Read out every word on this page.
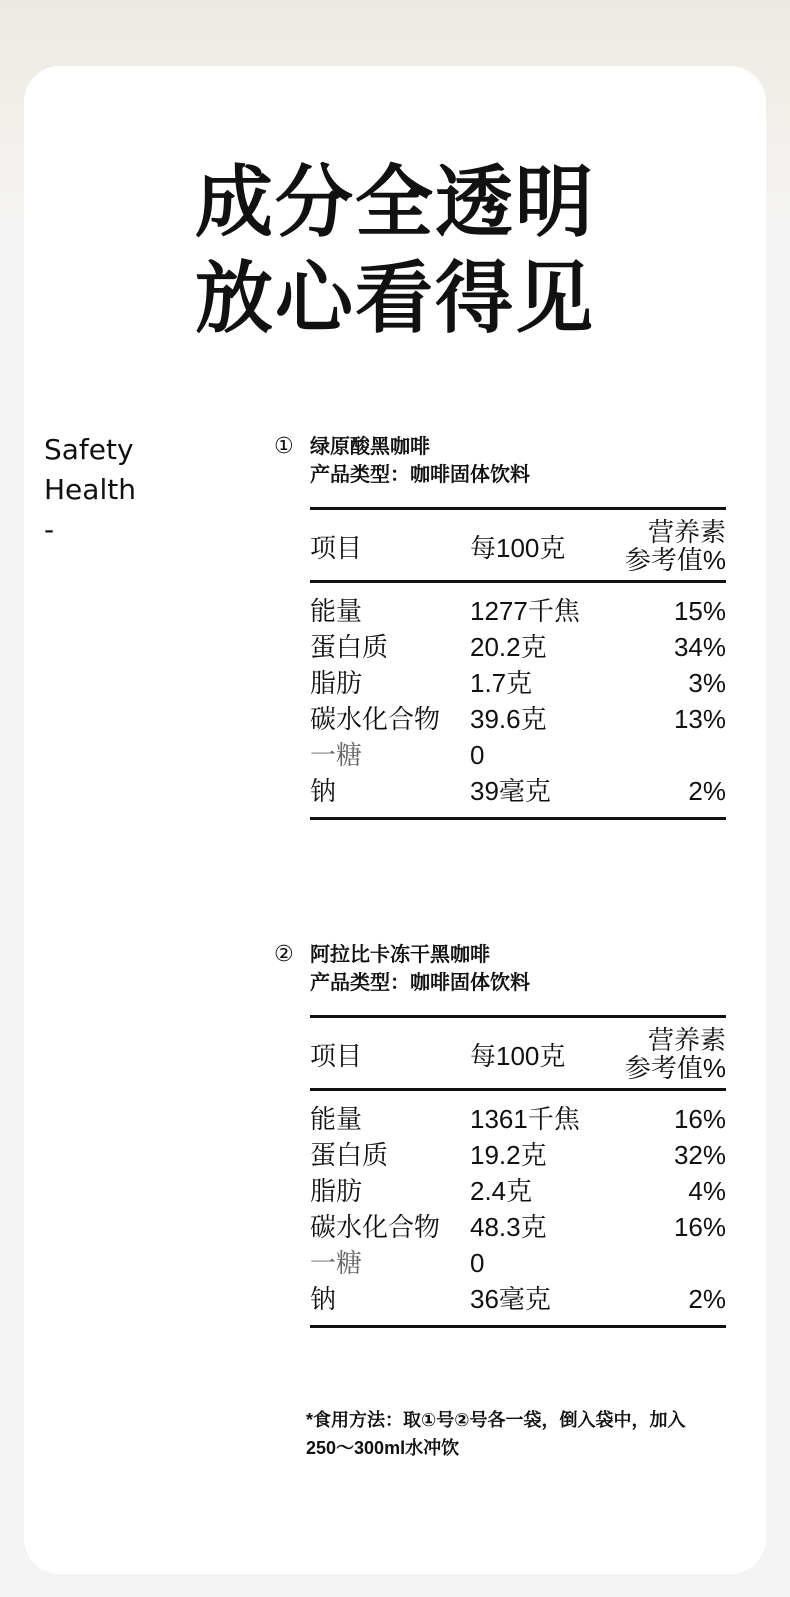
成分全透明
放心看得见
Safety
Health
-
① 绿原酸黑咖啡
产品类型：咖啡固体饮料
项目	每100克	营养素
参考值%

能量	1277千焦	15%
蛋白质	20.2克	34%
脂肪	1.7克	3%
碳水化合物	39.6克	13%
一糖	0	
钠	39毫克	2%
② 阿拉比卡冻干黑咖啡
产品类型：咖啡固体饮料
项目	每100克	营养素
参考值%

能量	1361千焦	16%
蛋白质	19.2克	32%
脂肪	2.4克	4%
碳水化合物	48.3克	16%
一糖	0	
钠	36毫克	2%
*食用方法：取①号②号各一袋，倒入袋中，加入
250～300ml水冲饮
